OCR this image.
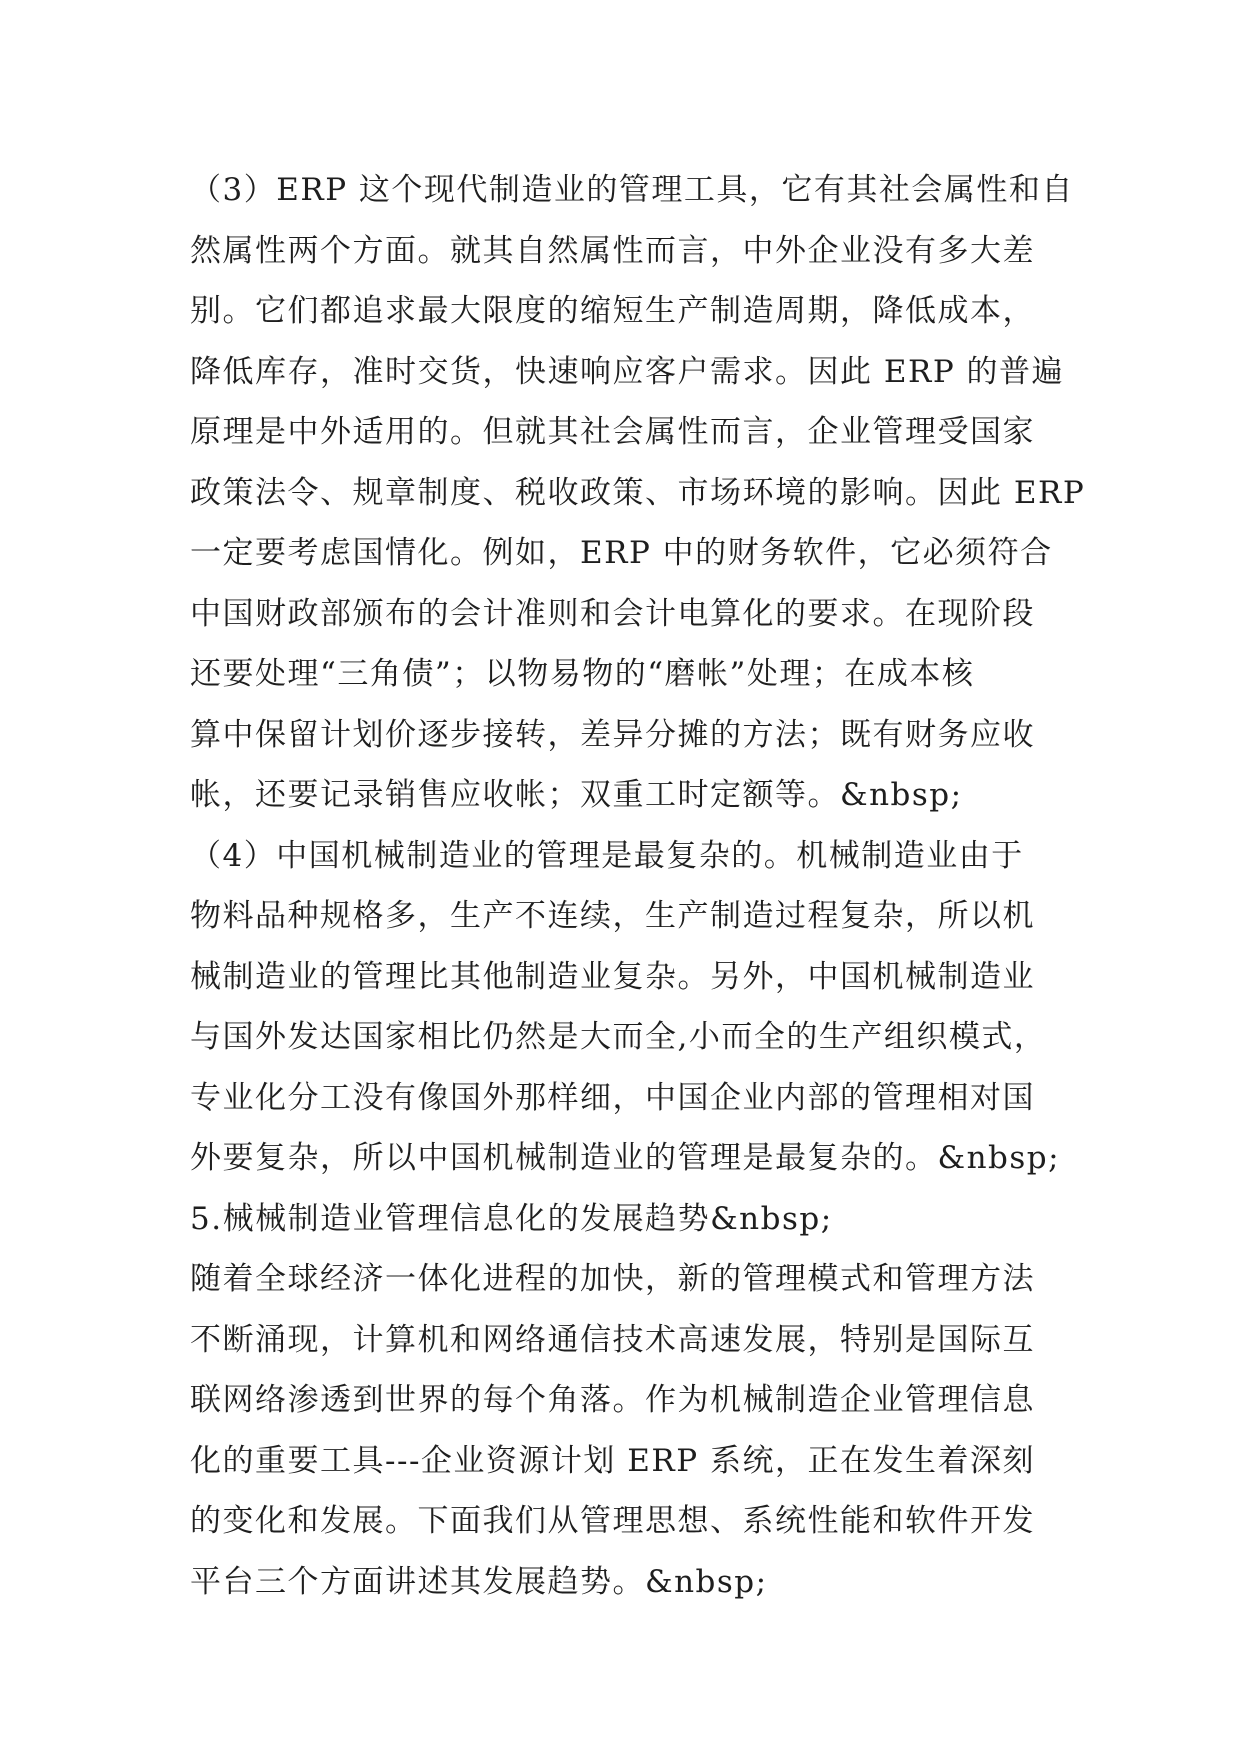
（3）ERP 这个现代制造业的管理工具，它有其社会属性和自
然属性两个方面。就其自然属性而言，中外企业没有多大差
别。它们都追求最大限度的缩短生产制造周期，降低成本，
降低库存，准时交货，快速响应客户需求。因此 ERP 的普遍
原理是中外适用的。但就其社会属性而言，企业管理受国家
政策法令、规章制度、税收政策、市场环境的影响。因此 ERP
一定要考虑国情化。例如，ERP 中的财务软件，它必须符合
中国财政部颁布的会计准则和会计电算化的要求。在现阶段
还要处理“三角债”；以物易物的“磨帐”处理；在成本核
算中保留计划价逐步接转，差异分摊的方法；既有财务应收
帐，还要记录销售应收帐；双重工时定额等。&nbsp;
（4）中国机械制造业的管理是最复杂的。机械制造业由于
物料品种规格多，生产不连续，生产制造过程复杂，所以机
械制造业的管理比其他制造业复杂。另外，中国机械制造业
与国外发达国家相比仍然是大而全,小而全的生产组织模式，
专业化分工没有像国外那样细，中国企业内部的管理相对国
外要复杂，所以中国机械制造业的管理是最复杂的。&nbsp;
5.械械制造业管理信息化的发展趋势&nbsp;
随着全球经济一体化进程的加快，新的管理模式和管理方法
不断涌现，计算机和网络通信技术高速发展，特别是国际互
联网络渗透到世界的每个角落。作为机械制造企业管理信息
化的重要工具---企业资源计划 ERP 系统，正在发生着深刻
的变化和发展。下面我们从管理思想、系统性能和软件开发
平台三个方面讲述其发展趋势。&nbsp;
